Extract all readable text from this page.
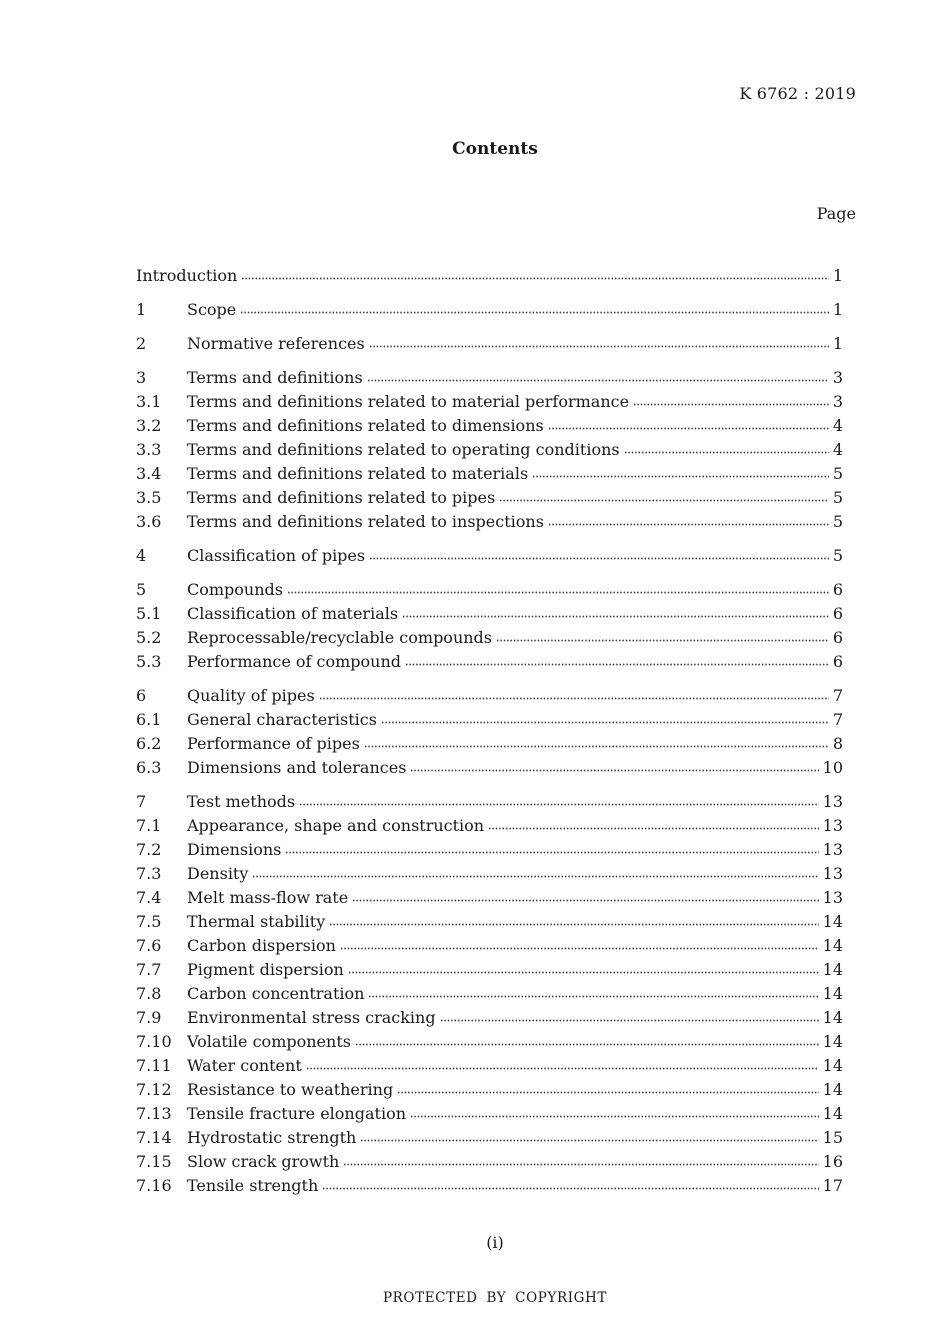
K 6762 : 2019
Contents
Page
Introduction	1
1	Scope	1
2	Normative references	1
3	Terms and definitions	3
3.1	Terms and definitions related to material performance	3
3.2	Terms and definitions related to dimensions	4
3.3	Terms and definitions related to operating conditions	4
3.4	Terms and definitions related to materials	5
3.5	Terms and definitions related to pipes	5
3.6	Terms and definitions related to inspections	5
4	Classification of pipes	5
5	Compounds	6
5.1	Classification of materials	6
5.2	Reprocessable/recyclable compounds	6
5.3	Performance of compound	6
6	Quality of pipes	7
6.1	General characteristics	7
6.2	Performance of pipes	8
6.3	Dimensions and tolerances	10
7	Test methods	13
7.1	Appearance, shape and construction	13
7.2	Dimensions	13
7.3	Density	13
7.4	Melt mass-flow rate	13
7.5	Thermal stability	14
7.6	Carbon dispersion	14
7.7	Pigment dispersion	14
7.8	Carbon concentration	14
7.9	Environmental stress cracking	14
7.10 Volatile components	14
7.11 Water content	14
7.12 Resistance to weathering	14
7.13 Tensile fracture elongation	14
7.14 Hydrostatic strength	15
7.15 Slow crack growth	16
7.16 Tensile strength	17
(i)
PROTECTED BY COPYRIGHT
